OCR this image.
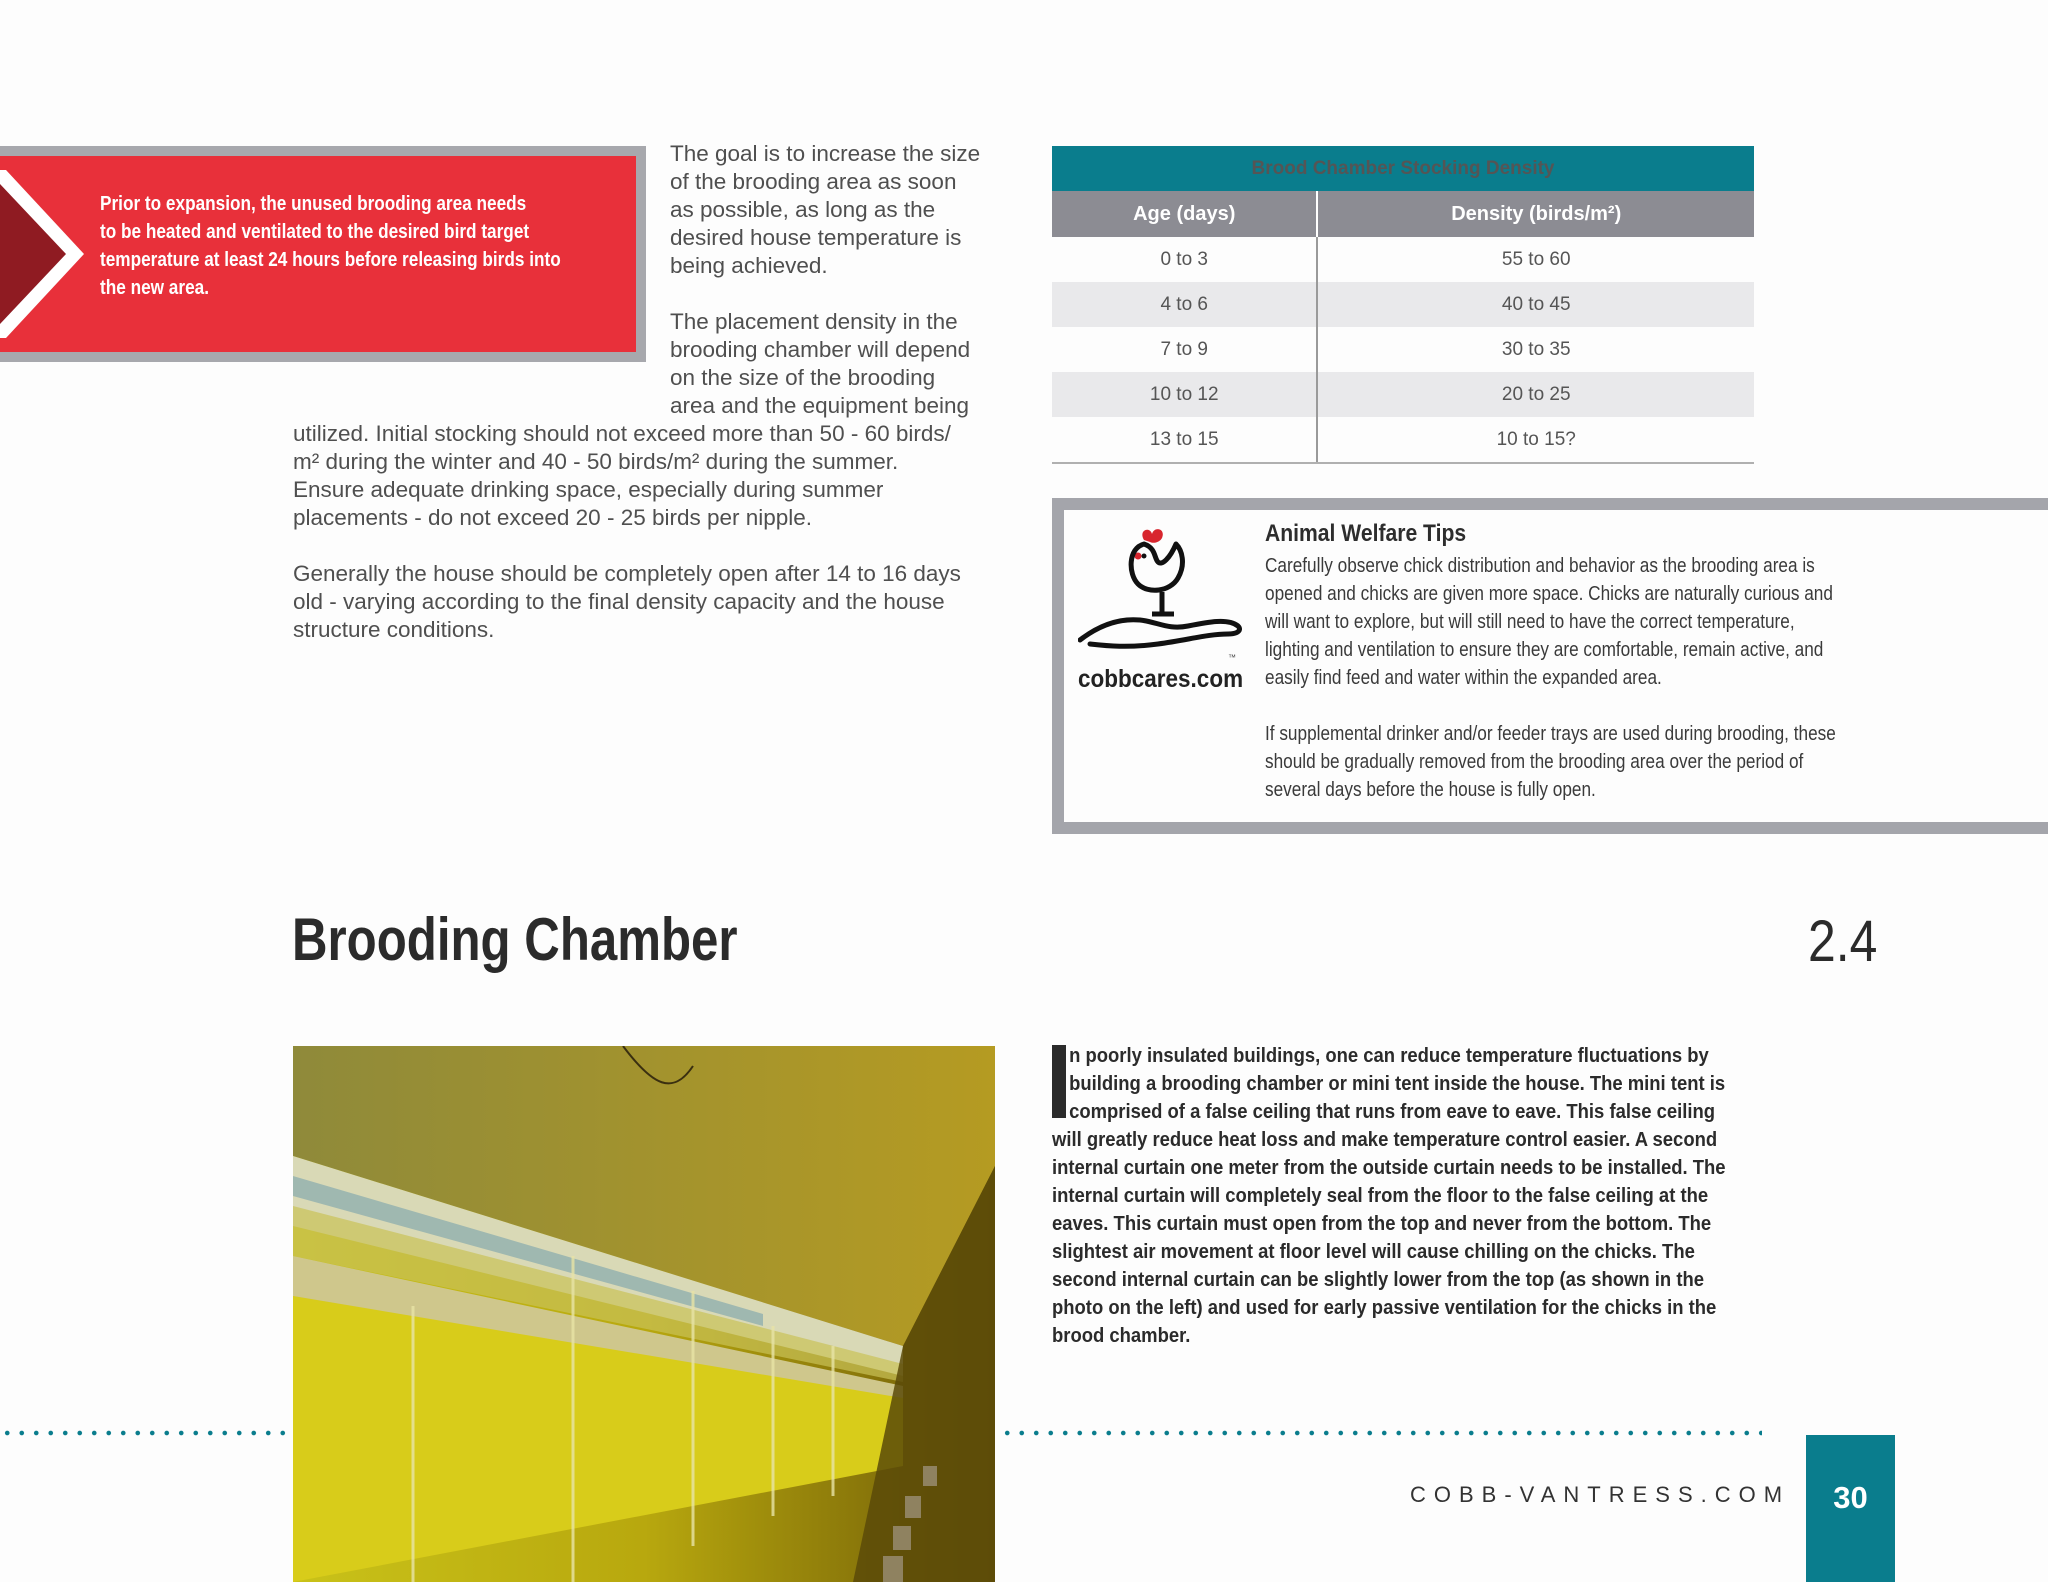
Prior to expansion, the unused brooding area needs
to be heated and ventilated to the desired bird target
temperature at least 24 hours before releasing birds into
the new area.

The goal is to increase the size

of the brooding area as soon

as possible, as long as the

desired house temperature is

being achieved.

The placement density in the

brooding chamber will depend

on the size of the brooding

area and the equipment being

utilized. Initial stocking should not exceed more than 50 - 60 birds/

m² during the winter and 40 - 50 birds/m² during the summer.

Ensure adequate drinking space, especially during summer

placements - do not exceed 20 - 25 birds per nipple.

Generally the house should be completely open after 14 to 16 days

old - varying according to the final density capacity and the house

structure conditions.

Brood Chamber Stocking Density	
Age (days)	Density (birds/m²)
0 to 3	55 to 60
4 to 6	40 to 45
7 to 9	30 to 35
10 to 12	20 to 25
13 to 15	10 to 15?
cobbcares.com
™
Animal Welfare Tips

Carefully observe chick distribution and behavior as the brooding area is

opened and chicks are given more space. Chicks are naturally curious and

will want to explore, but will still need to have the correct temperature,

lighting and ventilation to ensure they are comfortable, remain active, and

easily find feed and water within the expanded area.

If supplemental drinker and/or feeder trays are used during brooding, these

should be gradually removed from the brooding area over the period of

several days before the house is fully open.

Brooding Chamber	2.4
n poorly insulated buildings, one can reduce temperature fluctuations by
building a brooding chamber or mini tent inside the house. The mini tent is
comprised of a false ceiling that runs from eave to eave. This false ceiling
will greatly reduce heat loss and make temperature control easier. A second
internal curtain one meter from the outside curtain needs to be installed. The
internal curtain will completely seal from the floor to the false ceiling at the
eaves. This curtain must open from the top and never from the bottom. The
slightest air movement at floor level will cause chilling on the chicks. The
second internal curtain can be slightly lower from the top (as shown in the
photo on the left) and used for early passive ventilation for the chicks in the
brood chamber.
COBB-VANTRESS.COM	30
